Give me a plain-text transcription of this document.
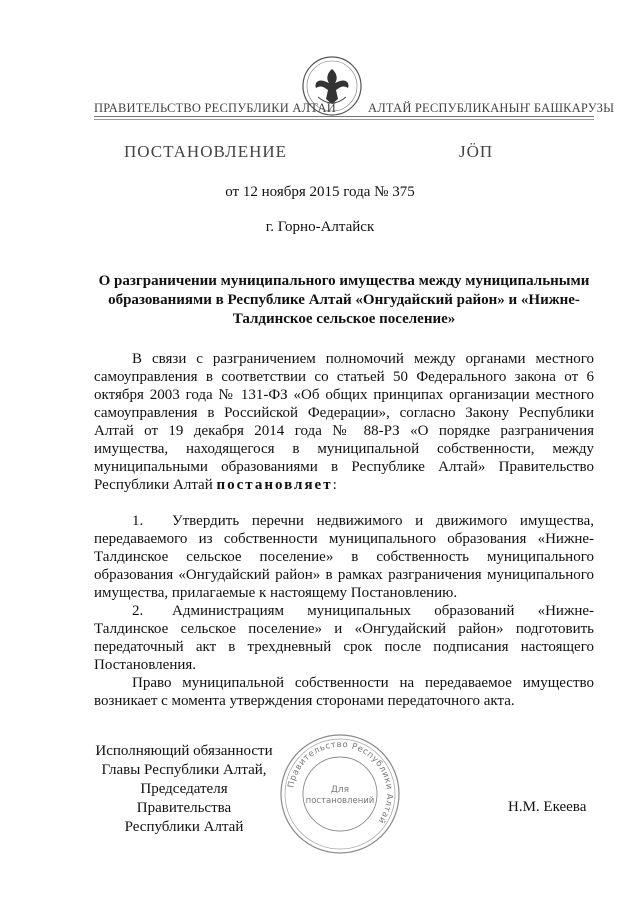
ПРАВИТЕЛЬСТВО РЕСПУБЛИКИ АЛТАЙ	АЛТАЙ РЕСПУБЛИКАНЫҤ БАШКАРУЗЫ
ПОСТАНОВЛЕНИЕ	JӦП
от 12 ноября 2015 года № 375
г. Горно-Алтайск
О разграничении муниципального имущества между муниципальными образованиями в Республике Алтай «Онгудайский район» и «Нижне-Талдинское сельское поселение»

В связи с разграничением полномочий между органами местного самоуправления в соответствии со статьей 50 Федерального закона от 6 октября 2003 года № 131-ФЗ «Об общих принципах организации местного самоуправления в Российской Федерации», согласно Закону Республики Алтай от 19 декабря 2014 года № 88-РЗ «О порядке разграничения имущества, находящегося в муниципальной собственности, между муниципальными образованиями в Республике Алтай» Правительство Республики Алтай постановляет:

1. Утвердить перечни недвижимого и движимого имущества, передаваемого из собственности муниципального образования «Нижне-Талдинское сельское поселение» в собственность муниципального образования «Онгудайский район» в рамках разграничения муниципального имущества, прилагаемые к настоящему Постановлению.

2. Администрациям муниципальных образований «Нижне-Талдинское сельское поселение» и «Онгудайский район» подготовить передаточный акт в трехдневный срок после подписания настоящего Постановления.

Право муниципальной собственности на передаваемое имущество возникает с момента утверждения сторонами передаточного акта.

Исполняющий обязанности
Главы Республики Алтай,
Председателя Правительства
Республики Алтай
Правительство Республики Алтай
Для
постановлений	Н.М. Екеева
